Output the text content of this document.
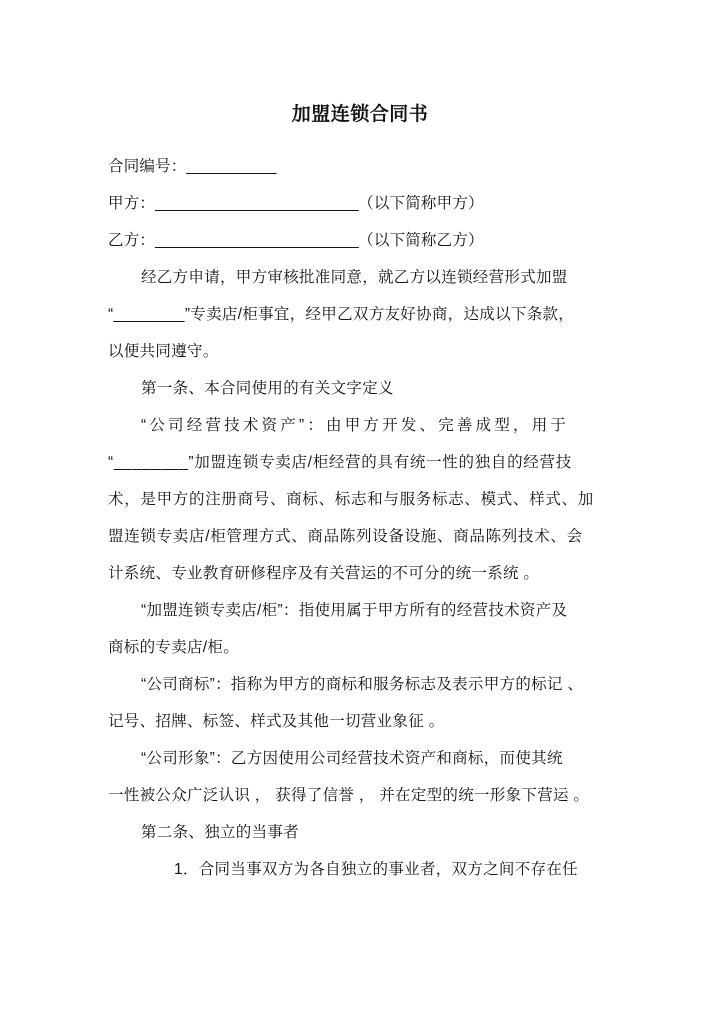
加盟连锁合同书
合同编号：___________
甲方：_________________________（以下简称甲方）
乙方：_________________________（以下简称乙方）
经乙方申请，甲方审核批准同意，就乙方以连锁经营形式加盟
“________”专卖店/柜事宜，经甲乙双方友好协商，达成以下条款，
以便共同遵守。
第一条、本合同使用的有关文字定义
“公司经营技术资产”：由甲方开发、完善成型，用于
“________”加盟连锁专卖店/柜经营的具有统一性的独自的经营技
术，是甲方的注册商号、商标、标志和与服务标志、模式、样式、加
盟连锁专卖店/柜管理方式、商品陈列设备设施、商品陈列技术、会
计系统、专业教育研修程序及有关营运的不可分的统一系统 。
“加盟连锁专卖店/柜”：指使用属于甲方所有的经营技术资产及
商标的专卖店/柜。
“公司商标”：指称为甲方的商标和服务标志及表示甲方的标记 、
记号、招牌、标签、样式及其他一切营业象征 。
“公司形象”：乙方因使用公司经营技术资产和商标，而使其统
一性被公众广泛认识 ， 获得了信誉 ， 并在定型的统一形象下营运 。
第二条、独立的当事者
1．合同当事双方为各自独立的事业者，双方之间不存在任
